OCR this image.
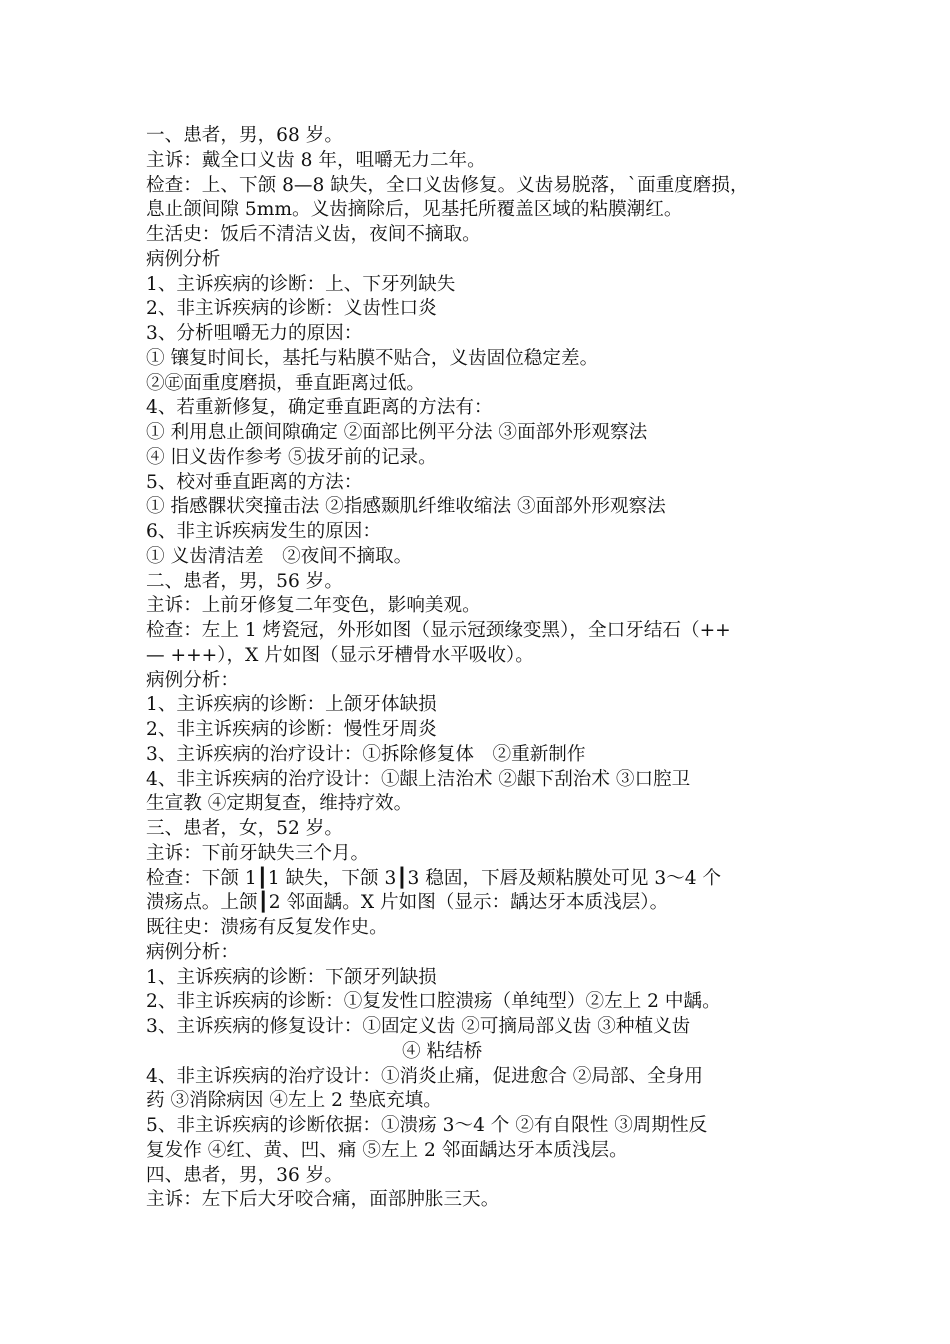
一、患者，男，68 岁。
主诉：戴全口义齿 8 年，咀嚼无力二年。
检查：上、下颌 8—8 缺失，全口义齿修复。义齿易脱落，`面重度磨损，
息止颌间隙 5mm。义齿摘除后，见基托所覆盖区域的粘膜潮红。
生活史：饭后不清洁义齿，夜间不摘取。
病例分析
1、主诉疾病的诊断：上、下牙列缺失
2、非主诉疾病的诊断：义齿性口炎
3、分析咀嚼无力的原因：
① 镶复时间长，基托与粘膜不贴合，义齿固位稳定差。
②㊣面重度磨损，垂直距离过低。
4、若重新修复，确定垂直距离的方法有：
① 利用息止颌间隙确定 ②面部比例平分法 ③面部外形观察法
④ 旧义齿作参考 ⑤拔牙前的记录。
5、校对垂直距离的方法：
① 指感髁状突撞击法 ②指感颞肌纤维收缩法 ③面部外形观察法
6、非主诉疾病发生的原因：
① 义齿清洁差　②夜间不摘取。
二、患者，男，56 岁。
主诉：上前牙修复二年变色，影响美观。
检查：左上 1 烤瓷冠，外形如图（显示冠颈缘变黑），全口牙结石（++
— +++），X 片如图（显示牙槽骨水平吸收）。
病例分析：
1、主诉疾病的诊断：上颌牙体缺损
2、非主诉疾病的诊断：慢性牙周炎
3、主诉疾病的治疗设计：①拆除修复体　②重新制作
4、非主诉疾病的治疗设计：①龈上洁治术 ②龈下刮治术 ③口腔卫
生宣教 ④定期复查，维持疗效。
三、患者，女，52 岁。
主诉：下前牙缺失三个月。
检查：下颌 1┃1 缺失，下颌 3┃3 稳固，下唇及颊粘膜处可见 3～4 个
溃疡点。上颌┃2 邻面龋。X 片如图（显示：龋达牙本质浅层）。
既往史：溃疡有反复发作史。
病例分析：
1、主诉疾病的诊断：下颌牙列缺损
2、非主诉疾病的诊断：①复发性口腔溃疡（单纯型）②左上 2 中龋。
3、主诉疾病的修复设计：①固定义齿 ②可摘局部义齿 ③种植义齿
④ 粘结桥
4、非主诉疾病的治疗设计：①消炎止痛，促进愈合 ②局部、全身用
药 ③消除病因 ④左上 2 垫底充填。
5、非主诉疾病的诊断依据：①溃疡 3～4 个 ②有自限性 ③周期性反
复发作 ④红、黄、凹、痛 ⑤左上 2 邻面龋达牙本质浅层。
四、患者，男，36 岁。
主诉：左下后大牙咬合痛，面部肿胀三天。
